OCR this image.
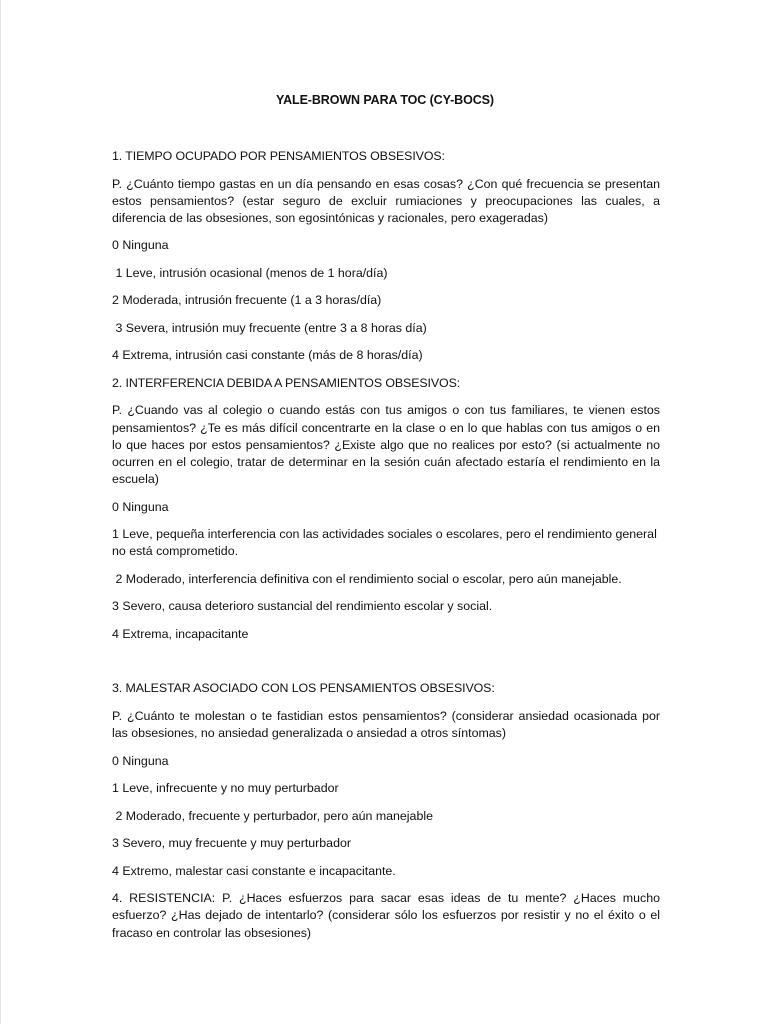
YALE-BROWN PARA TOC (CY-BOCS)

1. TIEMPO OCUPADO POR PENSAMIENTOS OBSESIVOS:

P. ¿Cuánto tiempo gastas en un día pensando en esas cosas? ¿Con qué frecuencia se presentan estos pensamientos? (estar seguro de excluir rumiaciones y preocupaciones las cuales, a diferencia de las obsesiones, son egosintónicas y racionales, pero exageradas)

0 Ninguna

1 Leve, intrusión ocasional (menos de 1 hora/día)

2 Moderada, intrusión frecuente (1 a 3 horas/día)

3 Severa, intrusión muy frecuente (entre 3 a 8 horas día)

4 Extrema, intrusión casi constante (más de 8 horas/día)

2. INTERFERENCIA DEBIDA A PENSAMIENTOS OBSESIVOS:

P. ¿Cuando vas al colegio o cuando estás con tus amigos o con tus familiares, te vienen estos pensamientos? ¿Te es más difícil concentrarte en la clase o en lo que hablas con tus amigos o en lo que haces por estos pensamientos? ¿Existe algo que no realices por esto? (si actualmente no ocurren en el colegio, tratar de determinar en la sesión cuán afectado estaría el rendimiento en la escuela)

0 Ninguna

1 Leve, pequeña interferencia con las actividades sociales o escolares, pero el rendimiento general no está comprometido.

2 Moderado, interferencia definitiva con el rendimiento social o escolar, pero aún manejable.

3 Severo, causa deterioro sustancial del rendimiento escolar y social.

4 Extrema, incapacitante

3. MALESTAR ASOCIADO CON LOS PENSAMIENTOS OBSESIVOS:

P. ¿Cuánto te molestan o te fastidian estos pensamientos? (considerar ansiedad ocasionada por las obsesiones, no ansiedad generalizada o ansiedad a otros síntomas)

0 Ninguna

1 Leve, infrecuente y no muy perturbador

2 Moderado, frecuente y perturbador, pero aún manejable

3 Severo, muy frecuente y muy perturbador

4 Extremo, malestar casi constante e incapacitante.

4. RESISTENCIA: P. ¿Haces esfuerzos para sacar esas ideas de tu mente? ¿Haces mucho esfuerzo? ¿Has dejado de intentarlo? (considerar sólo los esfuerzos por resistir y no el éxito o el fracaso en controlar las obsesiones)
